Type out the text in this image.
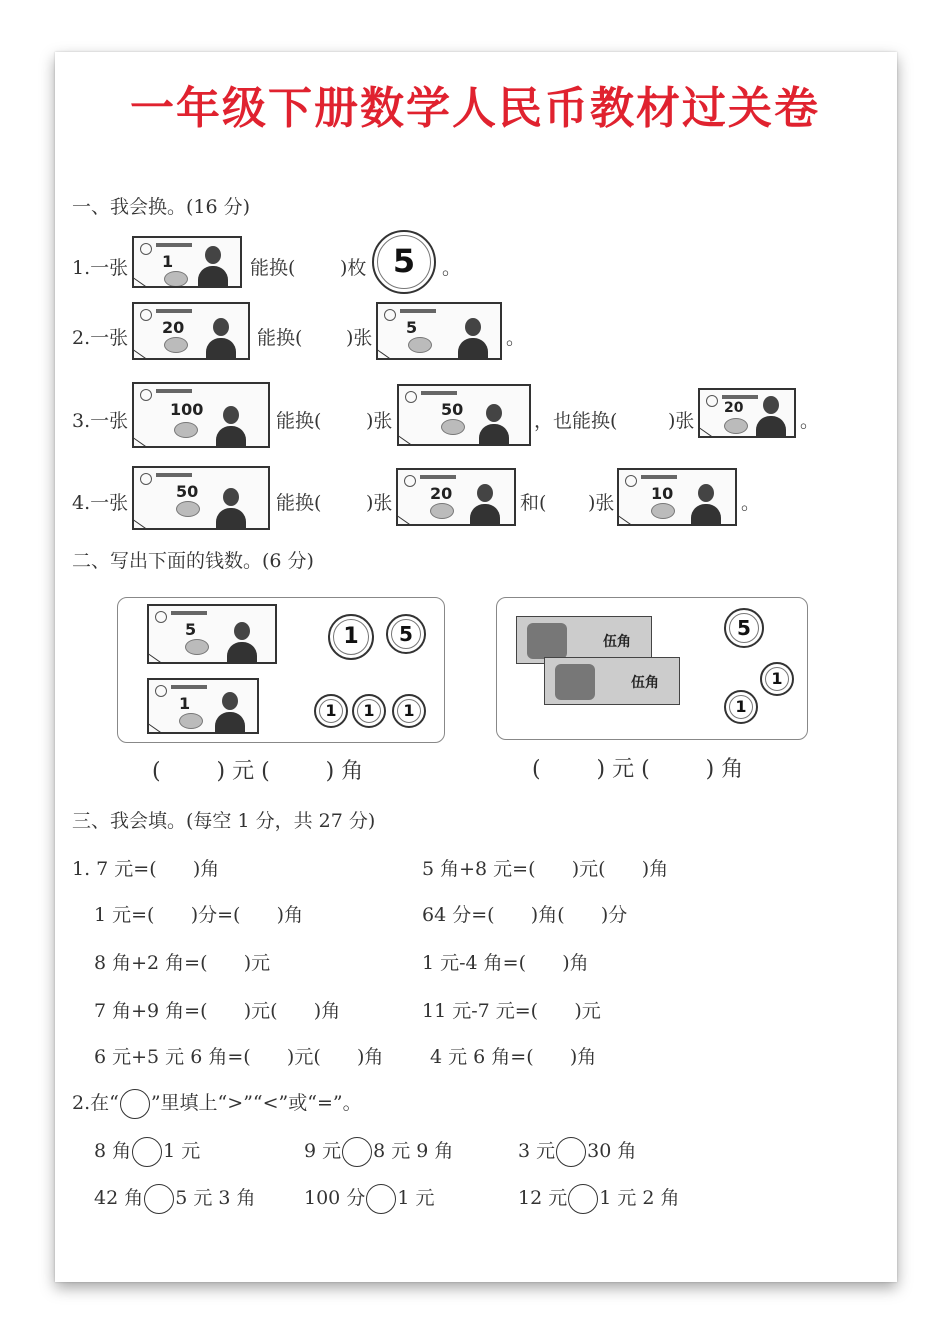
一年级下册数学人民币教材过关卷
一、我会换。(16 分)
1.一张 1	能换( )枚 5	。
2.一张 20	能换( )张 5	。
3.一张
100
能换( )张
50
，也能换(	)张
20
。
4.一张
50
能换( )张 20	和( )张 10	。
二、写出下面的钱数。(6 分)
5
1
1	5
1	1	1
(        ) 元 (        ) 角
伍角
伍角
5
1
1
(        ) 元 (        ) 角
三、我会填。(每空 1 分，共 27 分)
1. 7 元=(      )角	5 角+8 元=(      )元(      )角
1 元=(      )分=(      )角	64 分=(      )角(      )分
8 角+2 角=(      )元	1 元-4 角=(      )角
7 角+9 角=(      )元(      )角	11 元-7 元=(      )元
6 元+5 元 6 角=(      )元(      )角 4 元 6 角=(      )角
2.在“ ”里填上“>”“<”或“=”。
8 角 1 元	9 元 8 元 9 角	3 元 30 角
42 角 5 元 3 角	100 分 1 元	12 元 1 元 2 角
